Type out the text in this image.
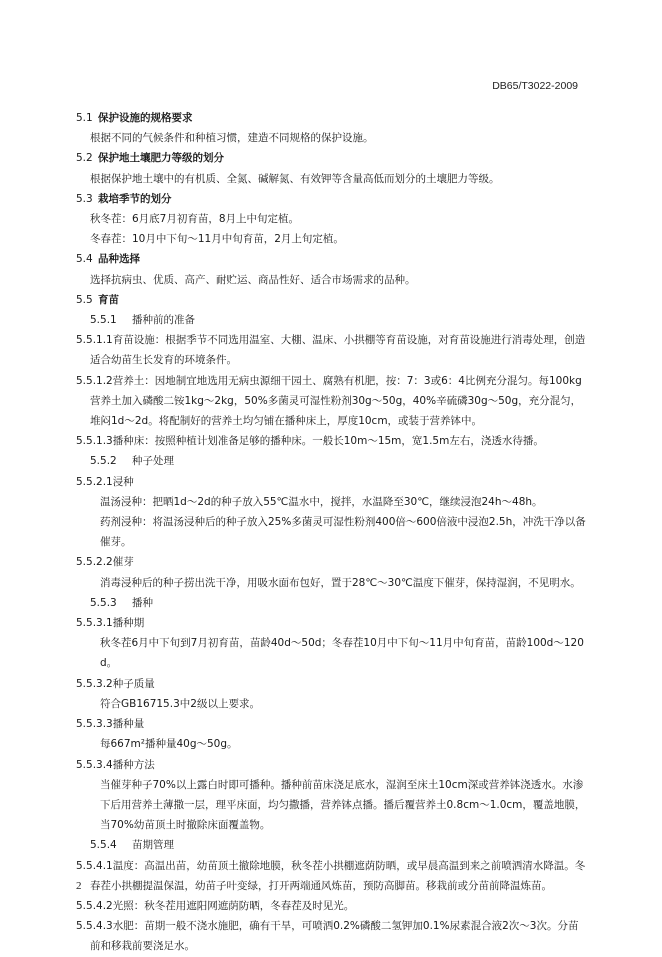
DB65/T3022-2009

5.1 保护设施的规格要求

根据不同的气候条件和种植习惯，建造不同规格的保护设施。

5.2 保护地土壤肥力等级的划分

根据保护地土壤中的有机质、全氮、碱解氮、有效钾等含量高低而划分的土壤肥力等级。

5.3 栽培季节的划分

秋冬茬：6月底7月初育苗，8月上中旬定植。

冬春茬：10月中下旬～11月中旬育苗，2月上旬定植。

5.4 品种选择

选择抗病虫、优质、高产、耐贮运、商品性好、适合市场需求的品种。

5.5 育苗

5.5.1 播种前的准备

5.5.1.1育苗设施：根据季节不同选用温室、大棚、温床、小拱棚等育苗设施，对育苗设施进行消毒处理，创造适合幼苗生长发育的环境条件。

5.5.1.2营养土：因地制宜地选用无病虫源细干园土、腐熟有机肥，按：7：3或6：4比例充分混匀。每100kg营养土加入磷酸二铵1kg～2kg，50%多菌灵可湿性粉剂30g～50g，40%辛硫磷30g～50g，充分混匀，堆闷1d～2d。将配制好的营养土均匀铺在播种床上，厚度10cm，或装于营养钵中。

5.5.1.3播种床：按照种植计划准备足够的播种床。一般长10m～15m，宽1.5m左右，浇透水待播。

5.5.2 种子处理

5.5.2.1浸种

温汤浸种：把晒1d～2d的种子放入55℃温水中，搅拌，水温降至30℃，继续浸泡24h～48h。

药剂浸种：将温汤浸种后的种子放入25%多菌灵可湿性粉剂400倍～600倍液中浸泡2.5h，冲洗干净以备催芽。

5.5.2.2催芽

消毒浸种后的种子捞出洗干净，用吸水面布包好，置于28℃～30℃温度下催芽，保持湿润，不见明水。

5.5.3 播种

5.5.3.1播种期

秋冬茬6月中下旬到7月初育苗，苗龄40d～50d；冬春茬10月中下旬～11月中旬育苗，苗龄100d～120d。

5.5.3.2种子质量

符合GB16715.3中2级以上要求。

5.5.3.3播种量

每667m²播种量40g～50g。

5.5.3.4播种方法

当催芽种子70%以上露白时即可播种。播种前苗床浇足底水，湿润至床土10cm深或营养钵浇透水。水渗下后用营养土薄撒一层，理平床面，均匀撒播，营养钵点播。播后覆营养土0.8cm～1.0cm，覆盖地膜，当70%幼苗顶土时撤除床面覆盖物。

5.5.4 苗期管理

5.5.4.1温度：高温出苗，幼苗顶土撤除地膜，秋冬茬小拱棚遮荫防晒，或早晨高温到来之前喷洒清水降温。冬春茬小拱棚提温保温，幼苗子叶变绿，打开两端通风炼苗，预防高脚苗。移栽前或分苗前降温炼苗。

5.5.4.2光照：秋冬茬用遮阳网遮荫防晒，冬春茬及时见光。

5.5.4.3水肥：苗期一般不浇水施肥，确有干旱，可喷洒0.2%磷酸二氢钾加0.1%尿素混合液2次～3次。分苗前和移栽前要浇足水。

2
